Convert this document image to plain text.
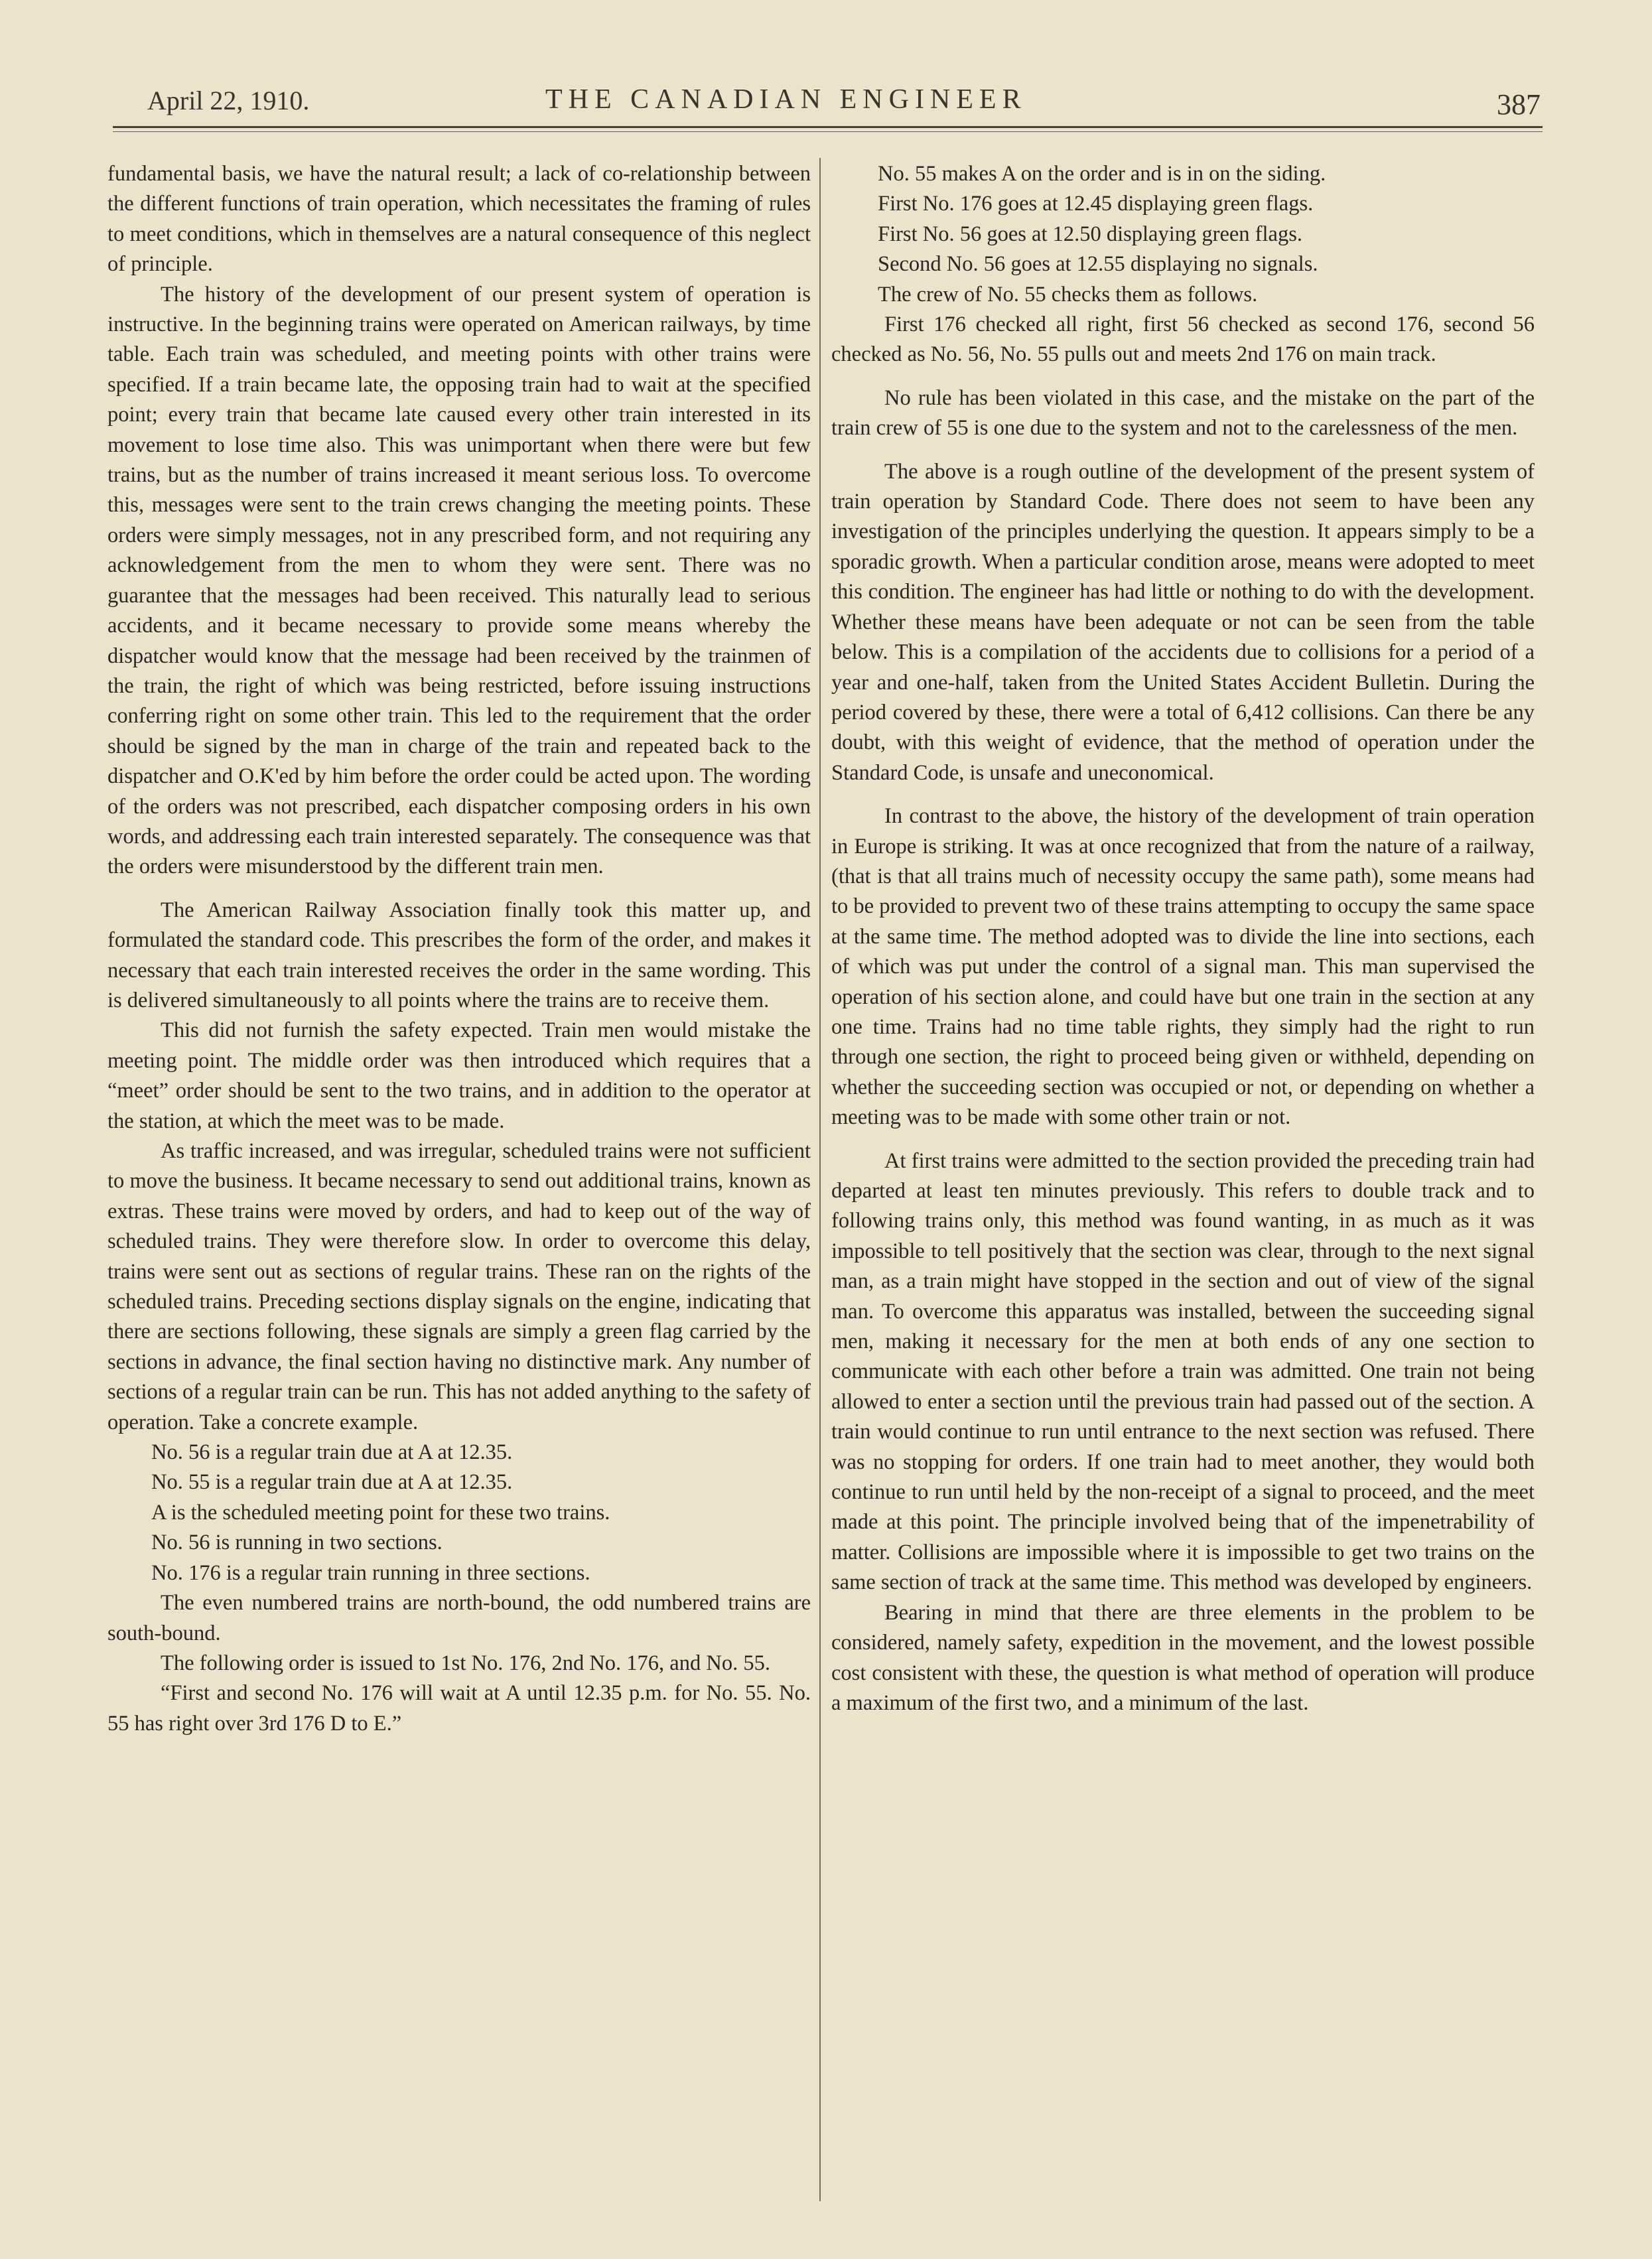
April 22, 1910.	THE CANADIAN ENGINEER	387

fundamental basis, we have the natural result; a lack of co-relationship between the different functions of train operation, which necessitates the framing of rules to meet conditions, which in themselves are a natural consequence of this neglect of principle.

The history of the development of our present system of operation is instructive. In the beginning trains were operated on American railways, by time table. Each train was scheduled, and meeting points with other trains were specified. If a train became late, the opposing train had to wait at the specified point; every train that became late caused every other train interested in its movement to lose time also. This was unimportant when there were but few trains, but as the number of trains increased it meant serious loss. To overcome this, messages were sent to the train crews changing the meeting points. These orders were simply messages, not in any prescribed form, and not requiring any acknowledgement from the men to whom they were sent. There was no guarantee that the messages had been received. This naturally lead to serious accidents, and it became necessary to provide some means whereby the dispatcher would know that the message had been received by the trainmen of the train, the right of which was being restricted, before issuing instructions conferring right on some other train. This led to the requirement that the order should be signed by the man in charge of the train and repeated back to the dispatcher and O.K'ed by him before the order could be acted upon. The wording of the orders was not prescribed, each dispatcher composing orders in his own words, and addressing each train interested separately. The consequence was that the orders were misunderstood by the different train men.

The American Railway Association finally took this matter up, and formulated the standard code. This prescribes the form of the order, and makes it necessary that each train interested receives the order in the same wording. This is delivered simultaneously to all points where the trains are to receive them.

This did not furnish the safety expected. Train men would mistake the meeting point. The middle order was then introduced which requires that a “meet” order should be sent to the two trains, and in addition to the operator at the station, at which the meet was to be made.

As traffic increased, and was irregular, scheduled trains were not sufficient to move the business. It became necessary to send out additional trains, known as extras. These trains were moved by orders, and had to keep out of the way of scheduled trains. They were therefore slow. In order to overcome this delay, trains were sent out as sections of regular trains. These ran on the rights of the scheduled trains. Preceding sections display signals on the engine, indicating that there are sections following, these signals are simply a green flag carried by the sections in advance, the final section having no distinctive mark. Any number of sections of a regular train can be run. This has not added anything to the safety of operation. Take a concrete example.

No. 56 is a regular train due at A at 12.35.

No. 55 is a regular train due at A at 12.35.

A is the scheduled meeting point for these two trains.

No. 56 is running in two sections.

No. 176 is a regular train running in three sections.

The even numbered trains are north-bound, the odd numbered trains are south-bound.

The following order is issued to 1st No. 176, 2nd No. 176, and No. 55.

“First and second No. 176 will wait at A until 12.35 p.m. for No. 55. No. 55 has right over 3rd 176 D to E.”

No. 55 makes A on the order and is in on the siding.

First No. 176 goes at 12.45 displaying green flags.

First No. 56 goes at 12.50 displaying green flags.

Second No. 56 goes at 12.55 displaying no signals.

The crew of No. 55 checks them as follows.

First 176 checked all right, first 56 checked as second 176, second 56 checked as No. 56, No. 55 pulls out and meets 2nd 176 on main track.

No rule has been violated in this case, and the mistake on the part of the train crew of 55 is one due to the system and not to the carelessness of the men.

The above is a rough outline of the development of the present system of train operation by Standard Code. There does not seem to have been any investigation of the principles underlying the question. It appears simply to be a sporadic growth. When a particular condition arose, means were adopted to meet this condition. The engineer has had little or nothing to do with the development. Whether these means have been adequate or not can be seen from the table below. This is a compilation of the accidents due to collisions for a period of a year and one-half, taken from the United States Accident Bulletin. During the period covered by these, there were a total of 6,412 collisions. Can there be any doubt, with this weight of evidence, that the method of operation under the Standard Code, is unsafe and uneconomical.

In contrast to the above, the history of the development of train operation in Europe is striking. It was at once recognized that from the nature of a railway, (that is that all trains much of necessity occupy the same path), some means had to be provided to prevent two of these trains attempting to occupy the same space at the same time. The method adopted was to divide the line into sections, each of which was put under the control of a signal man. This man supervised the operation of his section alone, and could have but one train in the section at any one time. Trains had no time table rights, they simply had the right to run through one section, the right to proceed being given or withheld, depending on whether the succeeding section was occupied or not, or depending on whether a meeting was to be made with some other train or not.

At first trains were admitted to the section provided the preceding train had departed at least ten minutes previously. This refers to double track and to following trains only, this method was found wanting, in as much as it was impossible to tell positively that the section was clear, through to the next signal man, as a train might have stopped in the section and out of view of the signal man. To overcome this apparatus was installed, between the succeeding signal men, making it necessary for the men at both ends of any one section to communicate with each other before a train was admitted. One train not being allowed to enter a section until the previous train had passed out of the section. A train would continue to run until entrance to the next section was refused. There was no stopping for orders. If one train had to meet another, they would both continue to run until held by the non-receipt of a signal to proceed, and the meet made at this point. The principle involved being that of the impenetrability of matter. Collisions are impossible where it is impossible to get two trains on the same section of track at the same time. This method was developed by engineers.

Bearing in mind that there are three elements in the problem to be considered, namely safety, expedition in the movement, and the lowest possible cost consistent with these, the question is what method of operation will produce a maximum of the first two, and a minimum of the last.
